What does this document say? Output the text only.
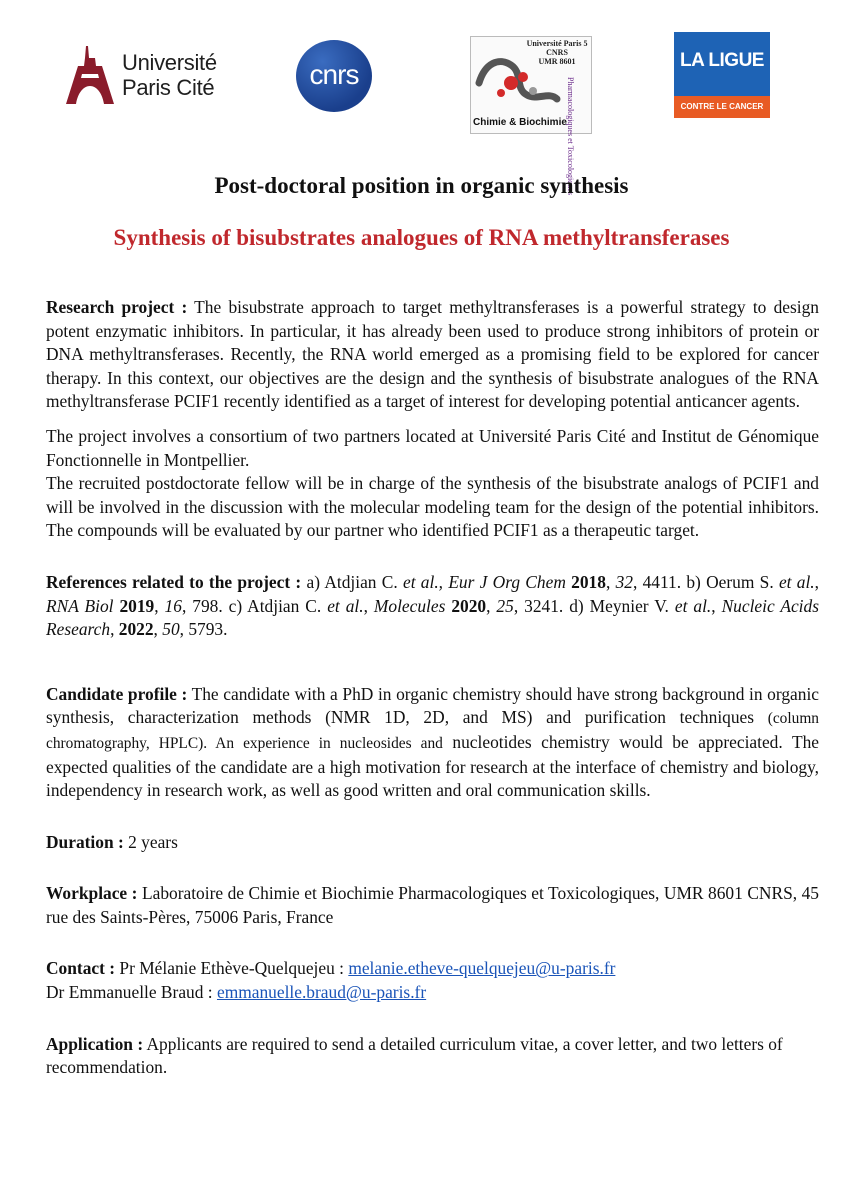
Université
Paris Cité	cnrs
Université Paris 5
CNRS
UMR 8601
Pharmacologiques et Toxicologiques
Chimie & Biochimie
LA LIGUE
CONTRE LE CANCER
Post-doctoral position in organic synthesis
Synthesis of bisubstrates analogues of RNA methyltransferases

Research project : The bisubstrate approach to target methyltransferases is a powerful strategy to design potent enzymatic inhibitors. In particular, it has already been used to produce strong inhibitors of protein or DNA methyltransferases. Recently, the RNA world emerged as a promising field to be explored for cancer therapy. In this context, our objectives are the design and the synthesis of bisubstrate analogues of the RNA methyltransferase PCIF1 recently identified as a target of interest for developing potential anticancer agents.

The project involves a consortium of two partners located at Université Paris Cité and Institut de Génomique Fonctionnelle in Montpellier.

The recruited postdoctorate fellow will be in charge of the synthesis of the bisubstrate analogs of PCIF1 and will be involved in the discussion with the molecular modeling team for the design of the potential inhibitors. The compounds will be evaluated by our partner who identified PCIF1 as a therapeutic target.

References related to the project : a) Atdjian C. et al., Eur J Org Chem 2018, 32, 4411. b) Oerum S. et al., RNA Biol 2019, 16, 798. c) Atdjian C. et al., Molecules 2020, 25, 3241. d) Meynier V. et al., Nucleic Acids Research, 2022, 50, 5793.

Candidate profile : The candidate with a PhD in organic chemistry should have strong background in organic synthesis, characterization methods (NMR 1D, 2D, and MS) and purification techniques (column chromatography, HPLC). An experience in nucleosides and nucleotides chemistry would be appreciated. The expected qualities of the candidate are a high motivation for research at the interface of chemistry and biology, independency in research work, as well as good written and oral communication skills.

Duration : 2 years

Workplace : Laboratoire de Chimie et Biochimie Pharmacologiques et Toxicologiques, UMR 8601 CNRS, 45 rue des Saints-Pères, 75006 Paris, France

Contact : Pr Mélanie Ethève-Quelquejeu : melanie.etheve-quelquejeu@u-paris.fr

Dr Emmanuelle Braud : emmanuelle.braud@u-paris.fr

Application : Applicants are required to send a detailed curriculum vitae, a cover letter, and two letters of recommendation.
